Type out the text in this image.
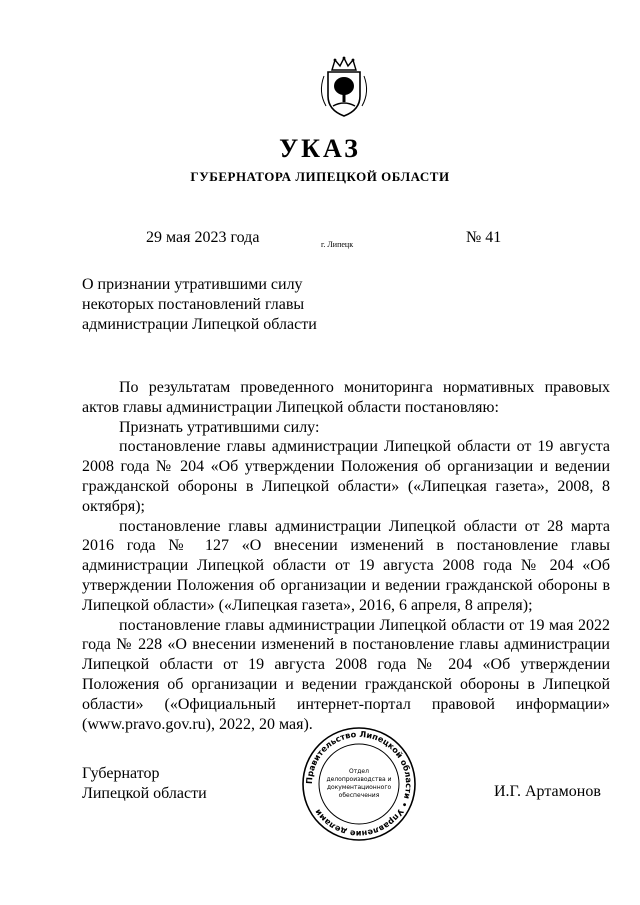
УКАЗ
ГУБЕРНАТОРА ЛИПЕЦКОЙ ОБЛАСТИ
29 мая 2023 года	г. Липецк	№ 41
О признании утратившими силу
некоторых постановлений главы
администрации Липецкой области

По результатам проведенного мониторинга нормативных правовых актов главы администрации Липецкой области постановляю:

Признать утратившими силу:

постановление главы администрации Липецкой области от 19 августа 2008 года № 204 «Об утверждении Положения об организации и ведении гражданской обороны в Липецкой области» («Липецкая газета», 2008, 8 октября);

постановление главы администрации Липецкой области от 28 марта 2016 года № 127 «О внесении изменений в постановление главы администрации Липецкой области от 19 августа 2008 года № 204 «Об утверждении Положения об организации и ведении гражданской обороны в Липецкой области» («Липецкая газета», 2016, 6 апреля, 8 апреля);

постановление главы администрации Липецкой области от 19 мая 2022 года № 228 «О внесении изменений в постановление главы администрации Липецкой области от 19 августа 2008 года № 204 «Об утверждении Положения об организации и ведении гражданской обороны в Липецкой области» («Официальный интернет-портал правовой информации» (www.pravo.gov.ru), 2022, 20 мая).

Губернатор
Липецкой области
Правительство Липецкой области • Управление делами
Отдел
делопроизводства и
документационного
обеспечения	И.Г. Артамонов
